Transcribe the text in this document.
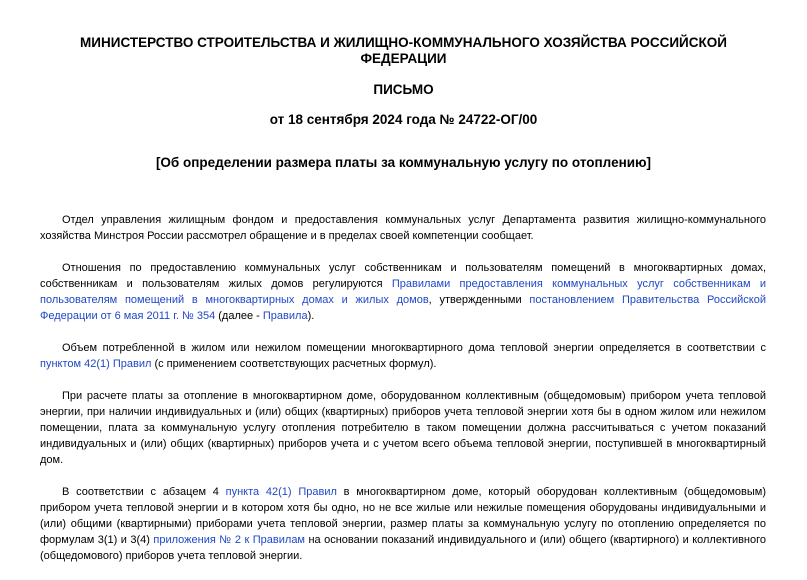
МИНИСТЕРСТВО СТРОИТЕЛЬСТВА И ЖИЛИЩНО-КОММУНАЛЬНОГО ХОЗЯЙСТВА РОССИЙСКОЙ ФЕДЕРАЦИИ
ПИСЬМО
от 18 сентября 2024 года № 24722-ОГ/00
[Об определении размера платы за коммунальную услугу по отоплению]

Отдел управления жилищным фондом и предоставления коммунальных услуг Департамента развития жилищно-коммунального хозяйства Минстроя России рассмотрел обращение и в пределах своей компетенции сообщает.

Отношения по предоставлению коммунальных услуг собственникам и пользователям помещений в многоквартирных домах, собственникам и пользователям жилых домов регулируются Правилами предоставления коммунальных услуг собственникам и пользователям помещений в многоквартирных домах и жилых домов, утвержденными постановлением Правительства Российской Федерации от 6 мая 2011 г. № 354 (далее - Правила).

Объем потребленной в жилом или нежилом помещении многоквартирного дома тепловой энергии определяется в соответствии с пунктом 42(1) Правил (с применением соответствующих расчетных формул).

При расчете платы за отопление в многоквартирном доме, оборудованном коллективным (общедомовым) прибором учета тепловой энергии, при наличии индивидуальных и (или) общих (квартирных) приборов учета тепловой энергии хотя бы в одном жилом или нежилом помещении, плата за коммунальную услугу отопления потребителю в таком помещении должна рассчитываться с учетом показаний индивидуальных и (или) общих (квартирных) приборов учета и с учетом всего объема тепловой энергии, поступившей в многоквартирный дом.

В соответствии с абзацем 4 пункта 42(1) Правил в многоквартирном доме, который оборудован коллективным (общедомовым) прибором учета тепловой энергии и в котором хотя бы одно, но не все жилые или нежилые помещения оборудованы индивидуальными и (или) общими (квартирными) приборами учета тепловой энергии, размер платы за коммунальную услугу по отоплению определяется по формулам 3(1) и 3(4) приложения № 2 к Правилам на основании показаний индивидуального и (или) общего (квартирного) и коллективного (общедомового) приборов учета тепловой энергии.
